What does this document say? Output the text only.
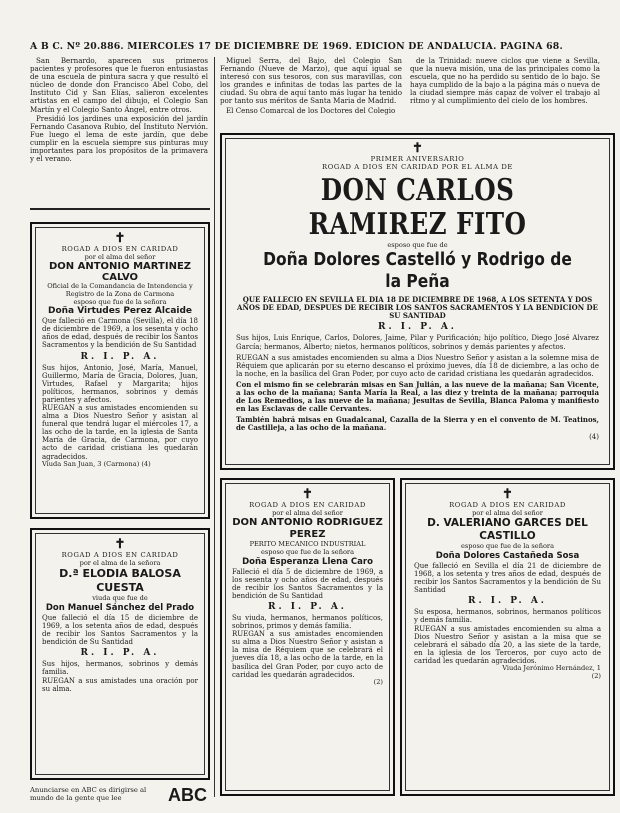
A B C. Nº 20.886. MIERCOLES 17 DE DICIEMBRE DE 1969. EDICION DE ANDALUCIA. PAGINA 68.

San Bernardo, aparecen sus primeros pacientes y profesores que le fueron entusiastas de una escuela de pintura sacra y que resultó el núcleo de donde don Francisco Abel Cobo, del Instituto Cid y San Elías, salieron excelentes artistas en el campo del dibujo, el Colegio San Martín y el Colegio Santo Ángel, entre otros.

Presidió los jardines una exposición del jardín Fernando Casanova Rubio, del Instituto Nervión. Fue luego el lema de este jardín, que debe cumplir en la escuela siempre sus pinturas muy importantes para los propósitos de la primavera y el verano.

Miguel Serra, del Bajo, del Colegio San Fernando (Nueve de Marzo), que aquí igual se interesó con sus tesoros, con sus maravillas, con los grandes e infinitas de todas las partes de la ciudad. Su obra de aquí tanto más lugar ha tenido por tanto sus méritos de Santa Maria de Madrid.

El Censo Comarcal de los Doctores del Colegio

de la Trinidad: nueve ciclos que viene a Sevilla, que la nueva misión, una de las principales como la escuela, que no ha perdido su sentido de lo bajo. Se haya cumplido de la bajo a la página más o nueva de la ciudad siempre más capaz de volver el trabajo al ritmo y al cumplimiento del cielo de los hombres.

✝
PRIMER ANIVERSARIO
ROGAD A DIOS EN CARIDAD POR EL ALMA DE
DON CARLOS RAMIREZ FITO
esposo que fue de
Doña Dolores Castelló y Rodrigo de la Peña
QUE FALLECIO EN SEVILLA EL DIA 18 DE DICIEMBRE DE 1968, A LOS SETENTA Y DOS AÑOS DE EDAD, DESPUES DE RECIBIR LOS SANTOS SACRAMENTOS Y LA BENDICION DE SU SANTIDAD
R. I. P. A.
Sus hijos, Luis Enrique, Carlos, Dolores, Jaime, Pilar y Purificación; hijo político, Diego José Alvarez García; hermanos, Alberto; nietos, hermanos políticos, sobrinos y demás parientes y afectos.
RUEGAN a sus amistades encomienden su alma a Dios Nuestro Señor y asistan a la solemne misa de Réquiem que aplicarán por su eterno descanso el próximo jueves, día 18 de diciembre, a las ocho de la noche, en la basílica del Gran Poder, por cuyo acto de caridad cristiana les quedarán agradecidos.
Con el mismo fin se celebrarán misas en San Julián, a las nueve de la mañana; San Vicente, a las ocho de la mañana; Santa María la Real, a las diez y treinta de la mañana; parroquia de Los Remedios, a las nueve de la mañana; Jesuitas de Sevilla, Blanca Paloma y manifiesto en las Esclavas de calle Cervantes.
También habrá misas en Guadalcanal, Cazalla de la Sierra y en el convento de M. Teatinos, de Castilleja, a las ocho de la mañana.
(4)
✝
ROGAD A DIOS EN CARIDAD
por el alma del señor
DON ANTONIO MARTINEZ CALVO
Oficial de la Comandancia de Intendencia y Registro de la Zona de Carmona
esposo que fue de la señora
Doña Virtudes Perez Alcaide
Que falleció en Carmona (Sevilla), el día 18 de diciembre de 1969, a los sesenta y ocho años de edad, después de recibir los Santos Sacramentos y la bendición de Su Santidad
R. I. P. A.
Sus hijos, Antonio, José, María, Manuel, Guillermo, María de Gracia, Dolores, Juan, Virtudes, Rafael y Margarita; hijos políticos, hermanos, sobrinos y demás parientes y afectos.
RUEGAN a sus amistades encomienden su alma a Dios Nuestro Señor y asistan al funeral que tendrá lugar el miércoles 17, a las ocho de la tarde, en la iglesia de Santa María de Gracia, de Carmona, por cuyo acto de caridad cristiana les quedarán agradecidos.
Viuda San Juan, 3 (Carmona) (4)
✝
ROGAD A DIOS EN CARIDAD
por el alma de la señora
D.ª ELODIA BALOSA CUESTA
viuda que fue de
Don Manuel Sánchez del Prado
Que falleció el día 15 de diciembre de 1969, a los setenta años de edad, después de recibir los Santos Sacramentos y la bendición de Su Santidad
R. I. P. A.
Sus hijos, hermanos, sobrinos y demás familia.
RUEGAN a sus amistades una oración por su alma.
✝
ROGAD A DIOS EN CARIDAD
por el alma del señor
DON ANTONIO RODRIGUEZ PEREZ
PERITO MECANICO INDUSTRIAL
esposo que fue de la señora
Doña Esperanza Llena Caro
Falleció el día 5 de diciembre de 1969, a los sesenta y ocho años de edad, después de recibir los Santos Sacramentos y la bendición de Su Santidad
R. I. P. A.
Su viuda, hermanos, hermanos políticos, sobrinos, primos y demás familia.
RUEGAN a sus amistades encomienden su alma a Dios Nuestro Señor y asistan a la misa de Réquiem que se celebrará el jueves día 18, a las ocho de la tarde, en la basílica del Gran Poder, por cuyo acto de caridad les quedarán agradecidos.
(2)
✝
ROGAD A DIOS EN CARIDAD
por el alma del señor
D. VALERIANO GARCES DEL CASTILLO
esposo que fue de la señora
Doña Dolores Castañeda Sosa
Que falleció en Sevilla el día 21 de diciembre de 1968, a los setenta y tres años de edad, después de recibir los Santos Sacramentos y la bendición de Su Santidad
R. I. P. A.
Su esposa, hermanos, sobrinos, hermanos políticos y demás familia.
RUEGAN a sus amistades encomienden su alma a Dios Nuestro Señor y asistan a la misa que se celebrará el sábado día 20, a las siete de la tarde, en la iglesia de los Terceros, por cuyo acto de caridad les quedarán agradecidos.
Viuda Jerónimo Hernández, 1
(2)
Anunciarse en ABC es dirigirse al mundo de la gente que lee	ABC
